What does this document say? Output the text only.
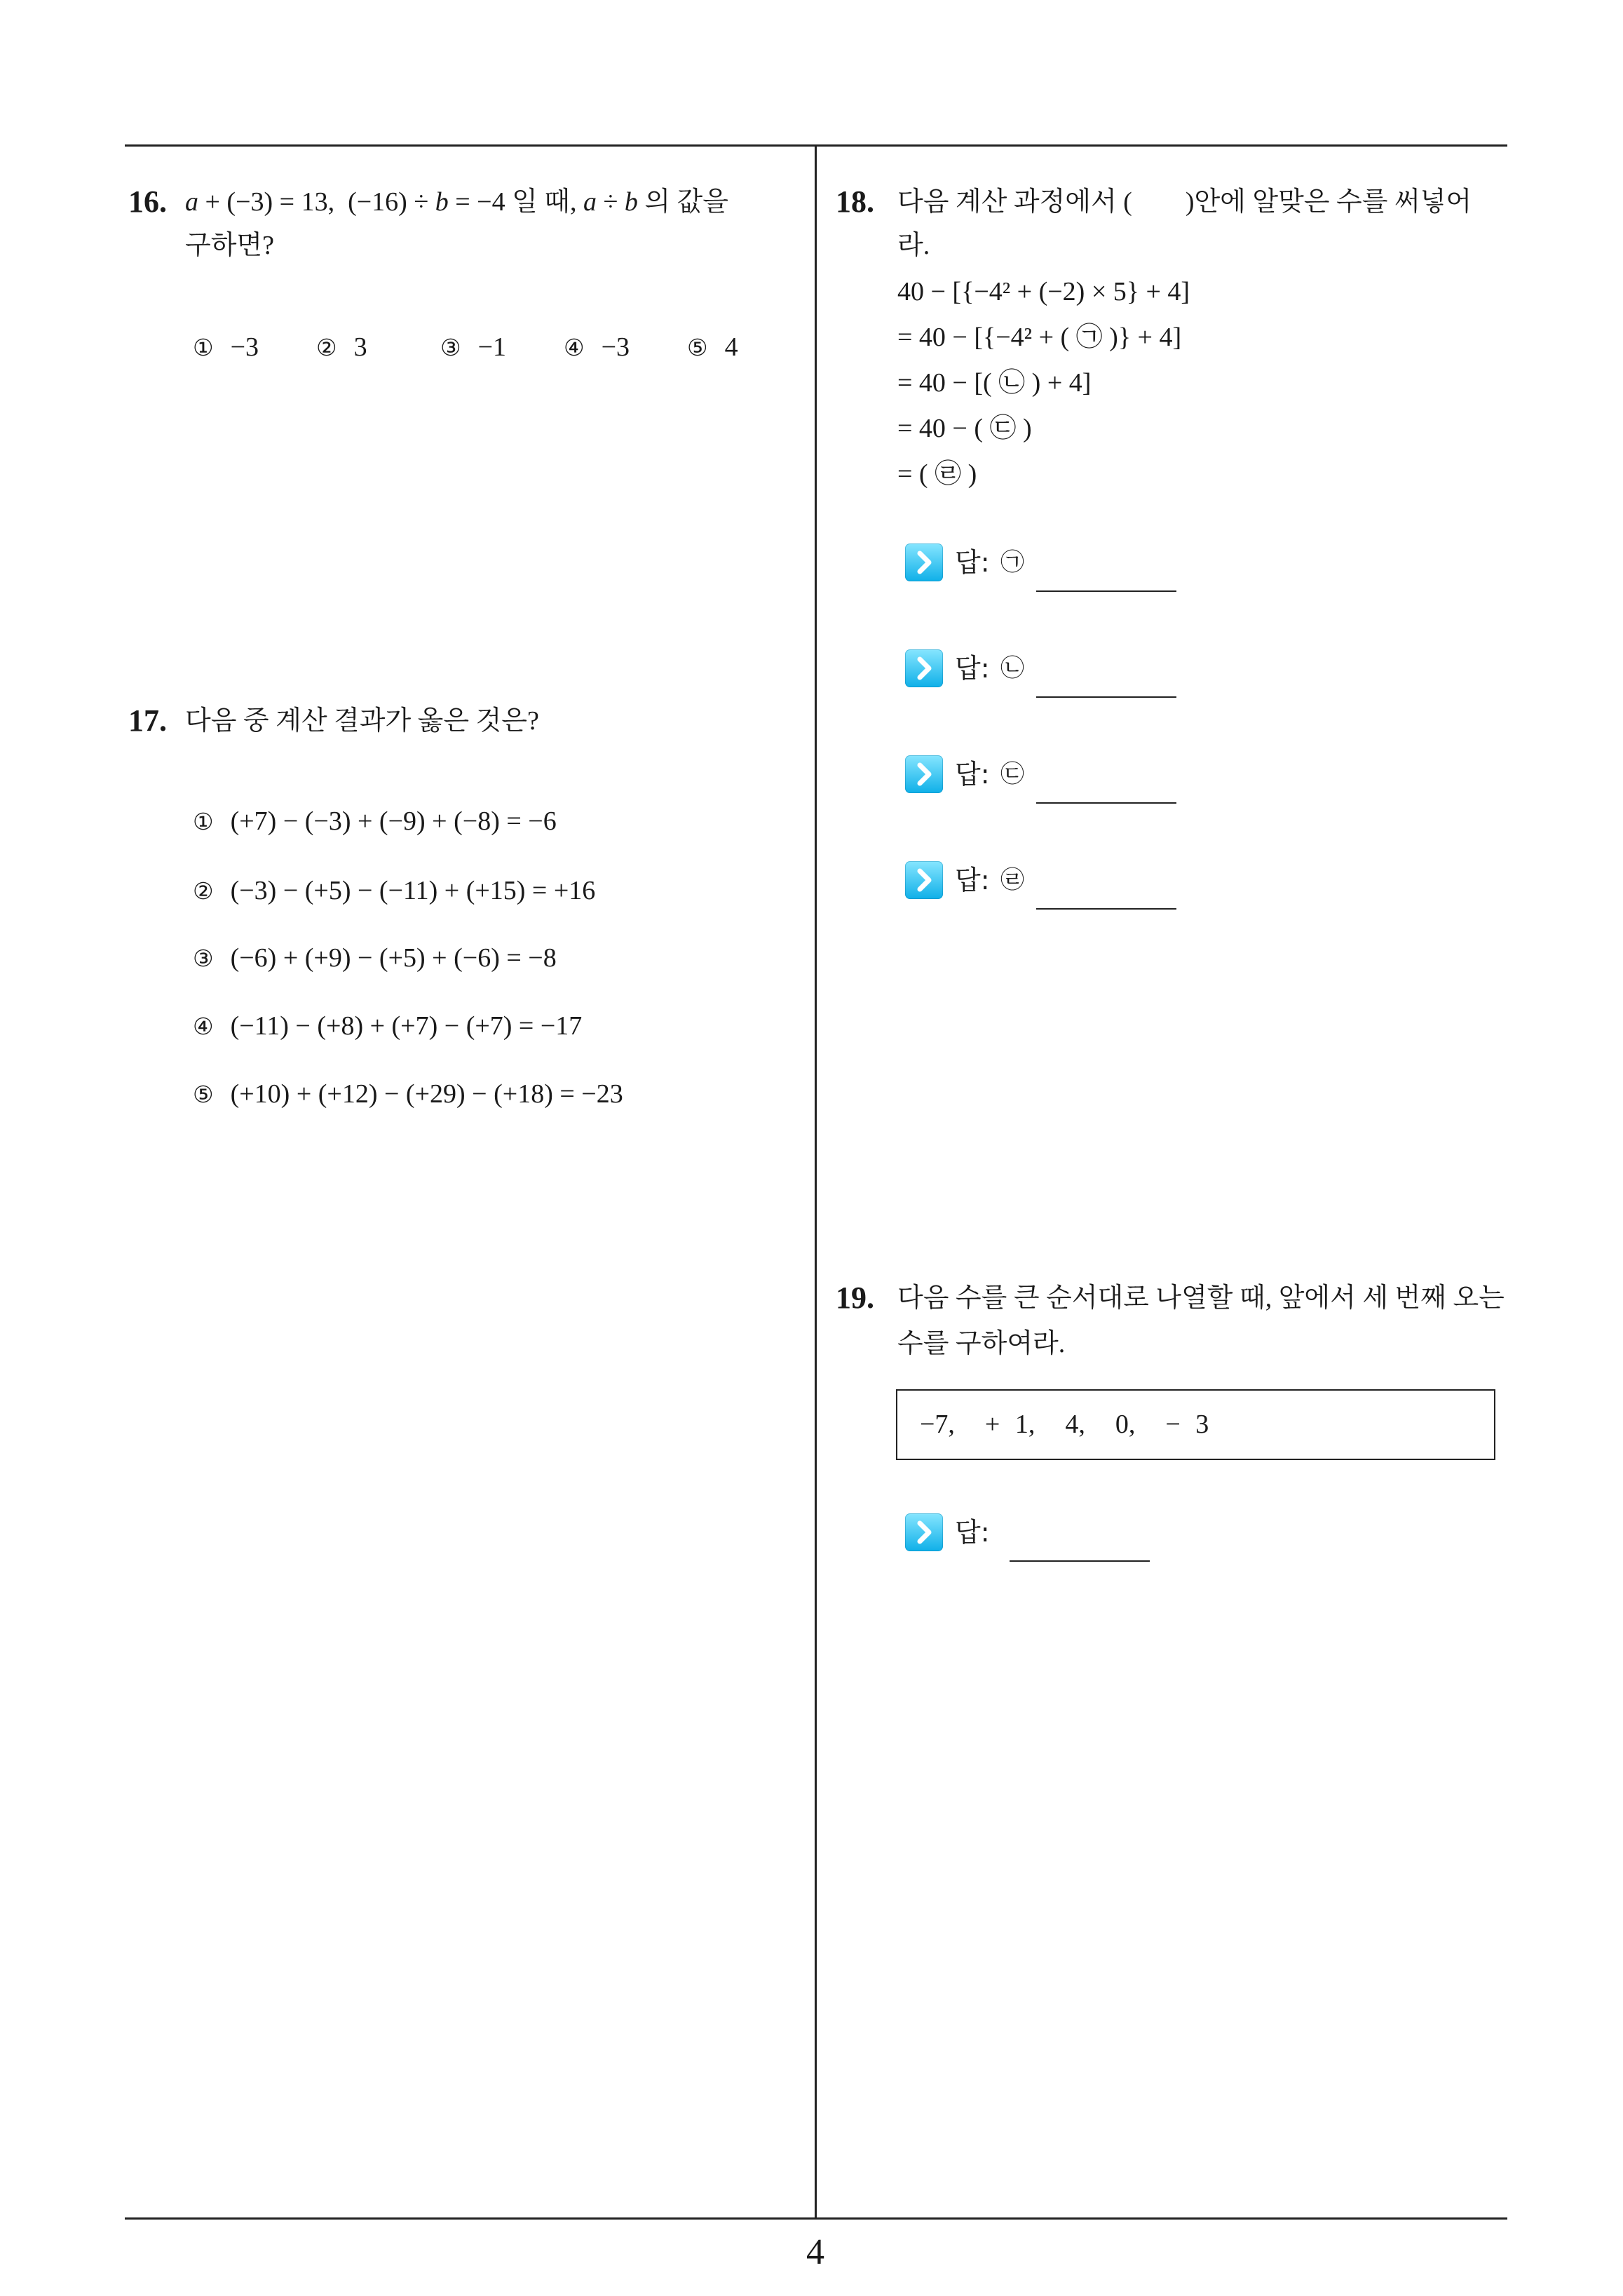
16. a + (−3) = 13,  (−16) ÷ b = −4 일 때, a ÷ b 의 값을
구하면?
① −3 ② 3	③ −1 ④ −3 ⑤ 4
17. 다음 중 계산 결과가 옳은 것은?
① (+7) − (−3) + (−9) + (−8) = −6
② (−3) − (+5) − (−11) + (+15) = +16
③ (−6) + (+9) − (+5) + (−6) = −8
④ (−11) − (+8) + (+7) − (+7) = −17
⑤ (+10) + (+12) − (+29) − (+18) = −23
18. 다음 계산 과정에서 (        )안에 알맞은 수를 써넣어
라.
40 − [{−4² + (−2) × 5} + 4]
= 40 − [{−4² + ( ㉠ )} + 4]
= 40 − [( ㉡ ) + 4]
= 40 − ( ㉢ )
= ( ㉣ )
답: ㉠
답: ㉡
답: ㉢
답: ㉣
19. 다음 수를 큰 순서대로 나열할 때, 앞에서 세 번째 오는
수를 구하여라.
−7,  + 1,  4,  0,  − 3
답:
4
